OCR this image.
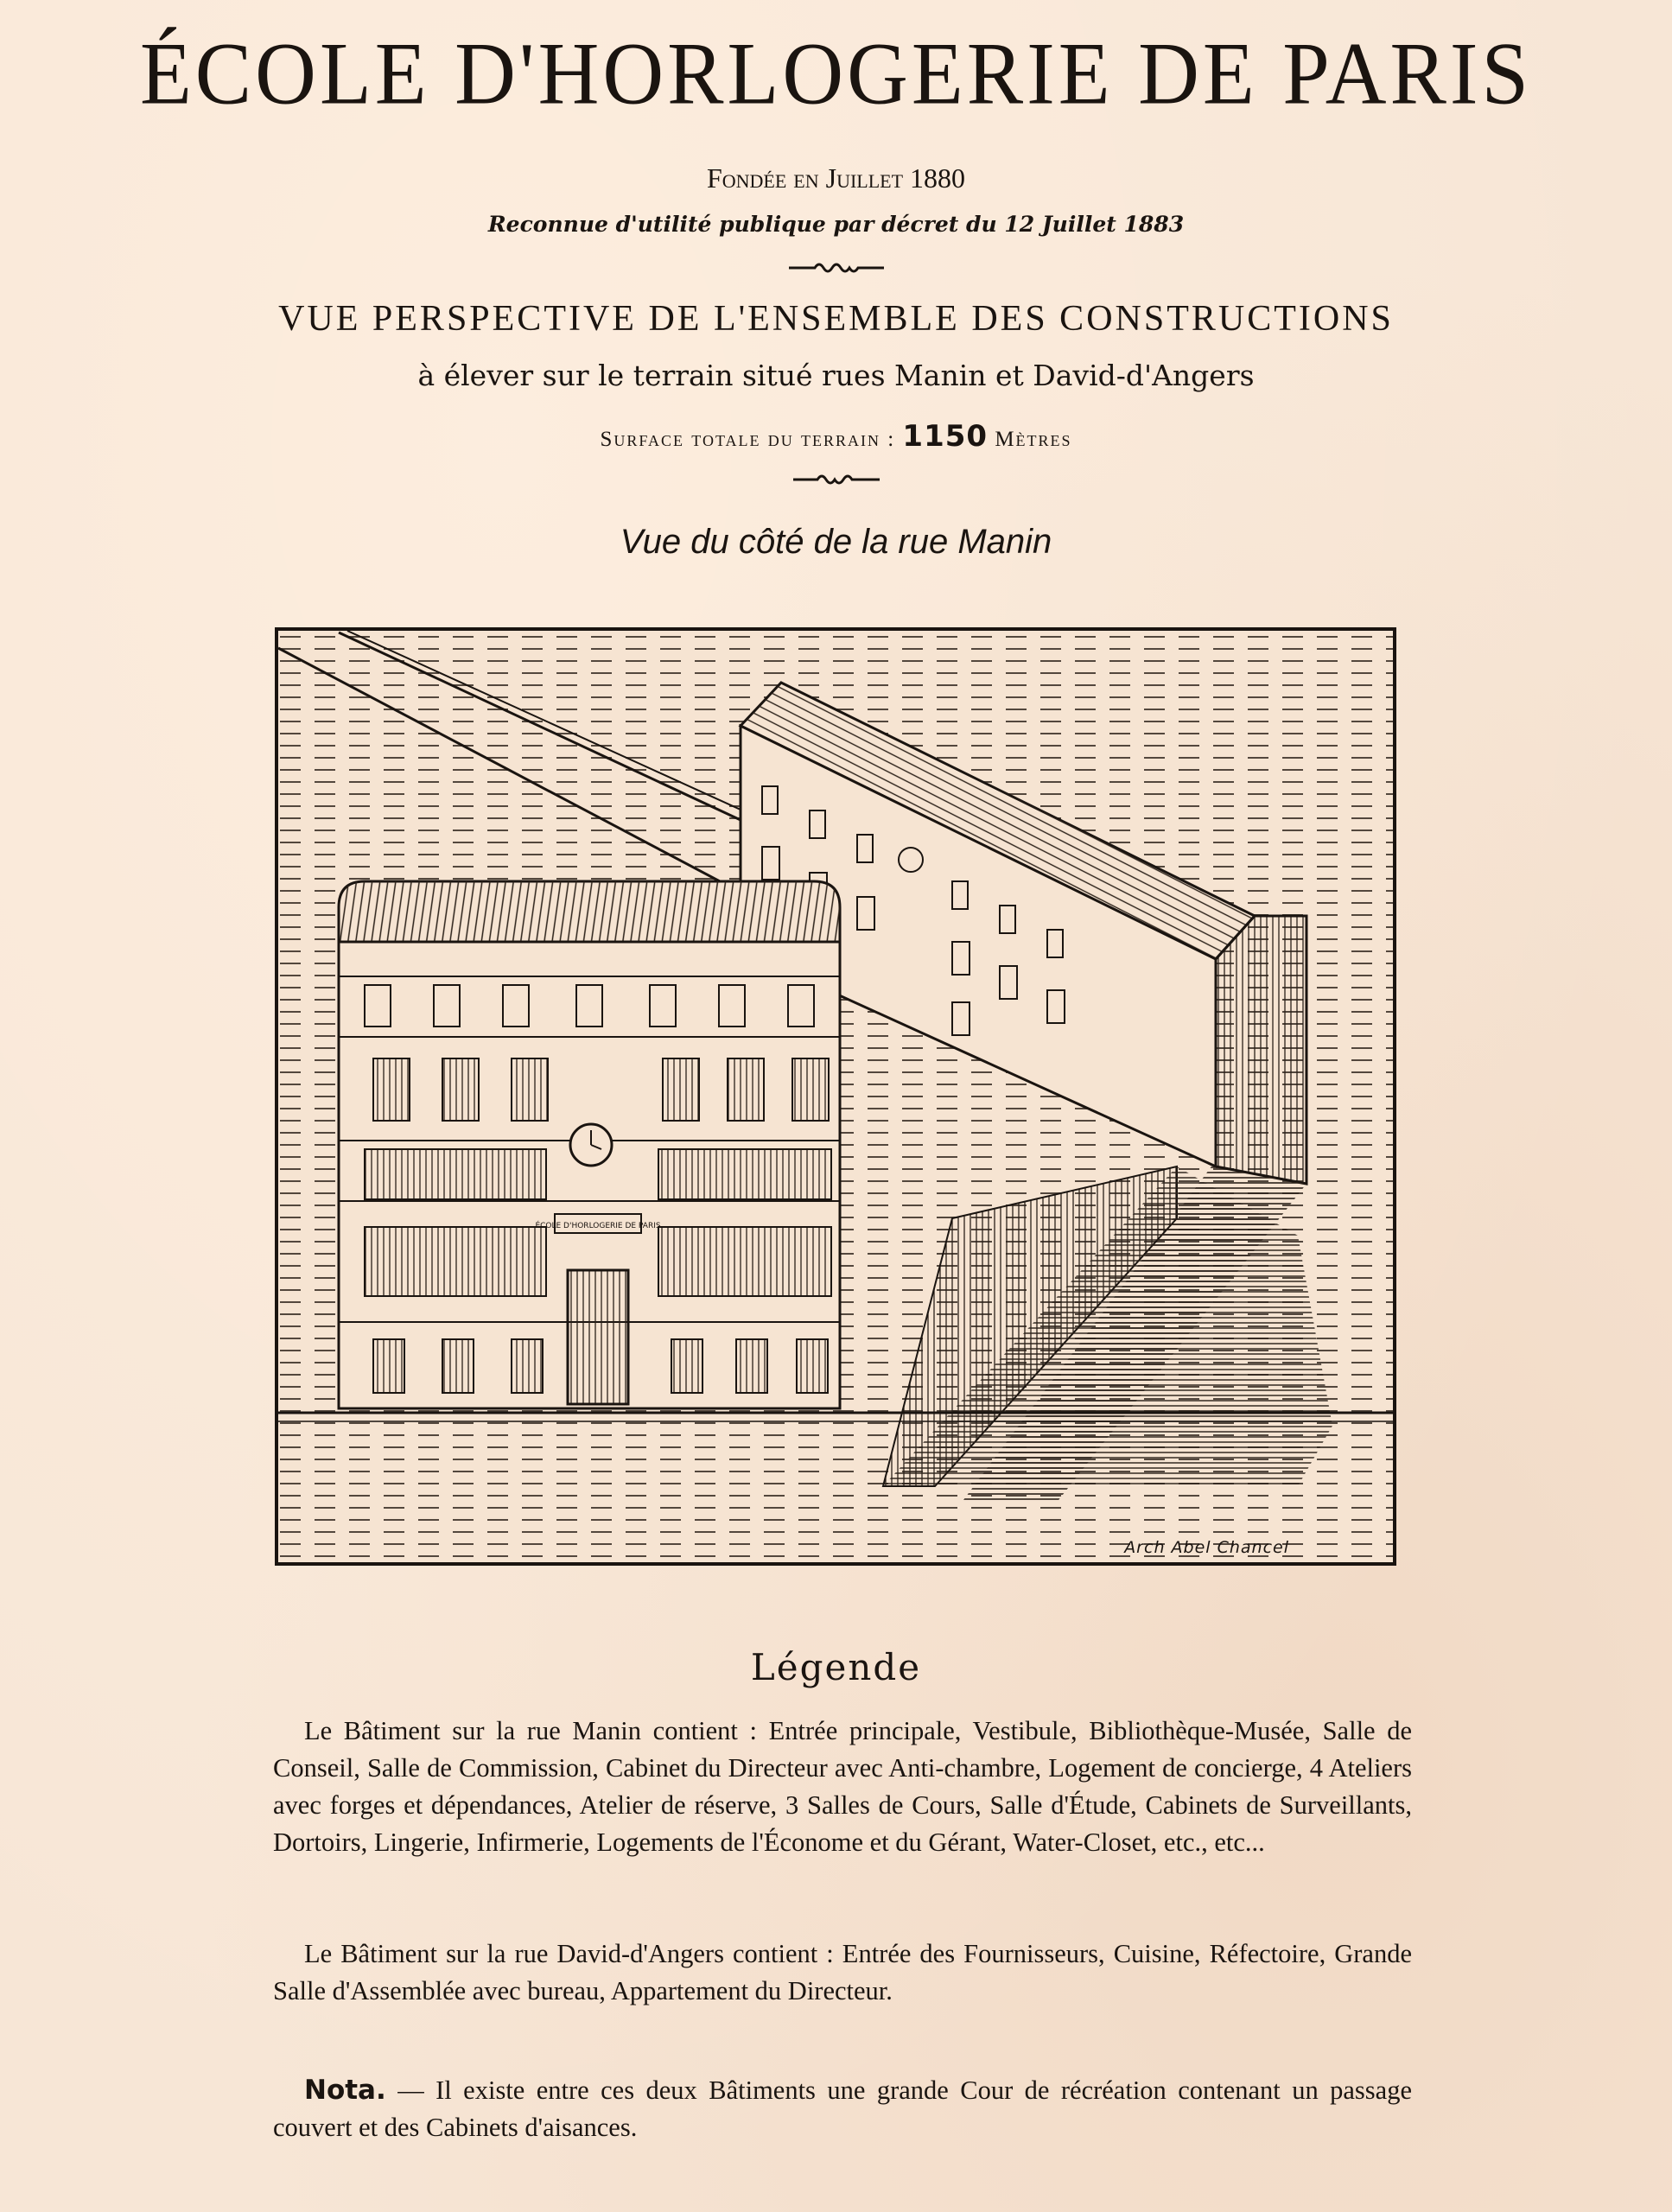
ÉCOLE D'HORLOGERIE DE PARIS
Fondée en Juillet 1880
Reconnue d'utilité publique par décret du 12 Juillet 1883
VUE PERSPECTIVE DE L'ENSEMBLE DES CONSTRUCTIONS
à élever sur le terrain situé rues Manin et David-d'Angers
Surface totale du terrain : 1150 Mètres
Vue du côté de la rue Manin
ÉCOLE D'HORLOGERIE DE PARIS
Arch Abel Chancel
Légende
Le Bâtiment sur la rue Manin contient : Entrée principale, Vestibule, Bibliothèque-Musée, Salle de Conseil, Salle de Commission, Cabinet du Directeur avec Anti-chambre, Logement de concierge, 4 Ateliers avec forges et dépendances, Atelier de réserve, 3 Salles de Cours, Salle d'Étude, Cabinets de Surveillants, Dortoirs, Lingerie, Infirmerie, Logements de l'Économe et du Gérant, Water-Closet, etc., etc...
Le Bâtiment sur la rue David-d'Angers contient : Entrée des Fournisseurs, Cuisine, Réfectoire, Grande Salle d'Assemblée avec bureau, Appartement du Directeur.
Nota. — Il existe entre ces deux Bâtiments une grande Cour de récréation contenant un passage couvert et des Cabinets d'aisances.
